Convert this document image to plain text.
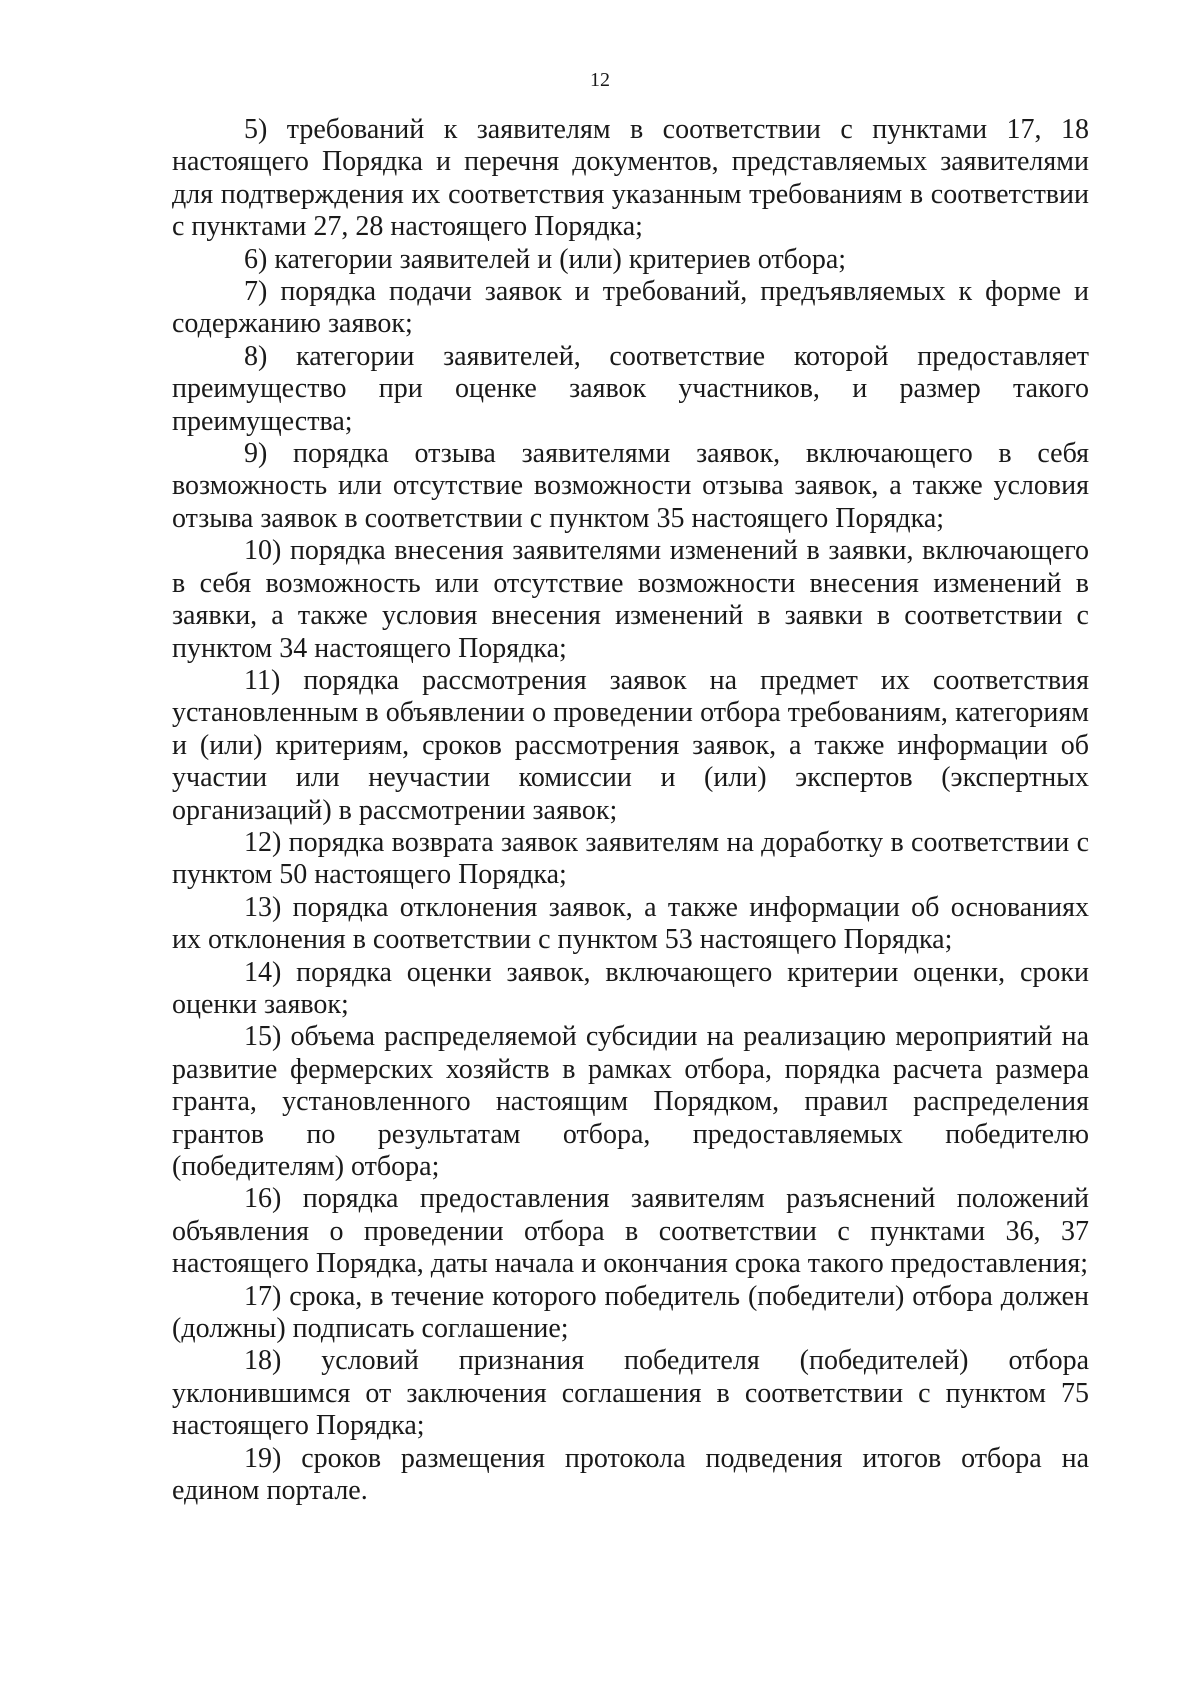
12

5) требований к заявителям в соответствии с пунктами 17, 18 настоящего Порядка и перечня документов, представляемых заявителями для подтверждения их соответствия указанным требованиям в соответствии с пунктами 27, 28 настоящего Порядка;

6) категории заявителей и (или) критериев отбора;

7) порядка подачи заявок и требований, предъявляемых к форме и содержанию заявок;

8) категории заявителей, соответствие которой предоставляет преимущество при оценке заявок участников, и размер такого преимущества;

9) порядка отзыва заявителями заявок, включающего в себя возможность или отсутствие возможности отзыва заявок, а также условия отзыва заявок в соответствии с пунктом 35 настоящего Порядка;

10) порядка внесения заявителями изменений в заявки, включающего в себя возможность или отсутствие возможности внесения изменений в заявки, а также условия внесения изменений в заявки в соответствии с пунктом 34 настоящего Порядка;

11) порядка рассмотрения заявок на предмет их соответствия установленным в объявлении о проведении отбора требованиям, категориям и (или) критериям, сроков рассмотрения заявок, а также информации об участии или неучастии комиссии и (или) экспертов (экспертных организаций) в рассмотрении заявок;

12) порядка возврата заявок заявителям на доработку в соответствии с пунктом 50 настоящего Порядка;

13) порядка отклонения заявок, а также информации об основаниях их отклонения в соответствии с пунктом 53 настоящего Порядка;

14) порядка оценки заявок, включающего критерии оценки, сроки оценки заявок;

15) объема распределяемой субсидии на реализацию мероприятий на развитие фермерских хозяйств в рамках отбора, порядка расчета размера гранта, установленного настоящим Порядком, правил распределения грантов по результатам отбора, предоставляемых победителю (победителям) отбора;

16) порядка предоставления заявителям разъяснений положений объявления о проведении отбора в соответствии с пунктами 36, 37 настоящего Порядка, даты начала и окончания срока такого предоставления;

17) срока, в течение которого победитель (победители) отбора должен (должны) подписать соглашение;

18) условий признания победителя (победителей) отбора уклонившимся от заключения соглашения в соответствии с пунктом 75 настоящего Порядка;

19) сроков размещения протокола подведения итогов отбора на едином портале.
